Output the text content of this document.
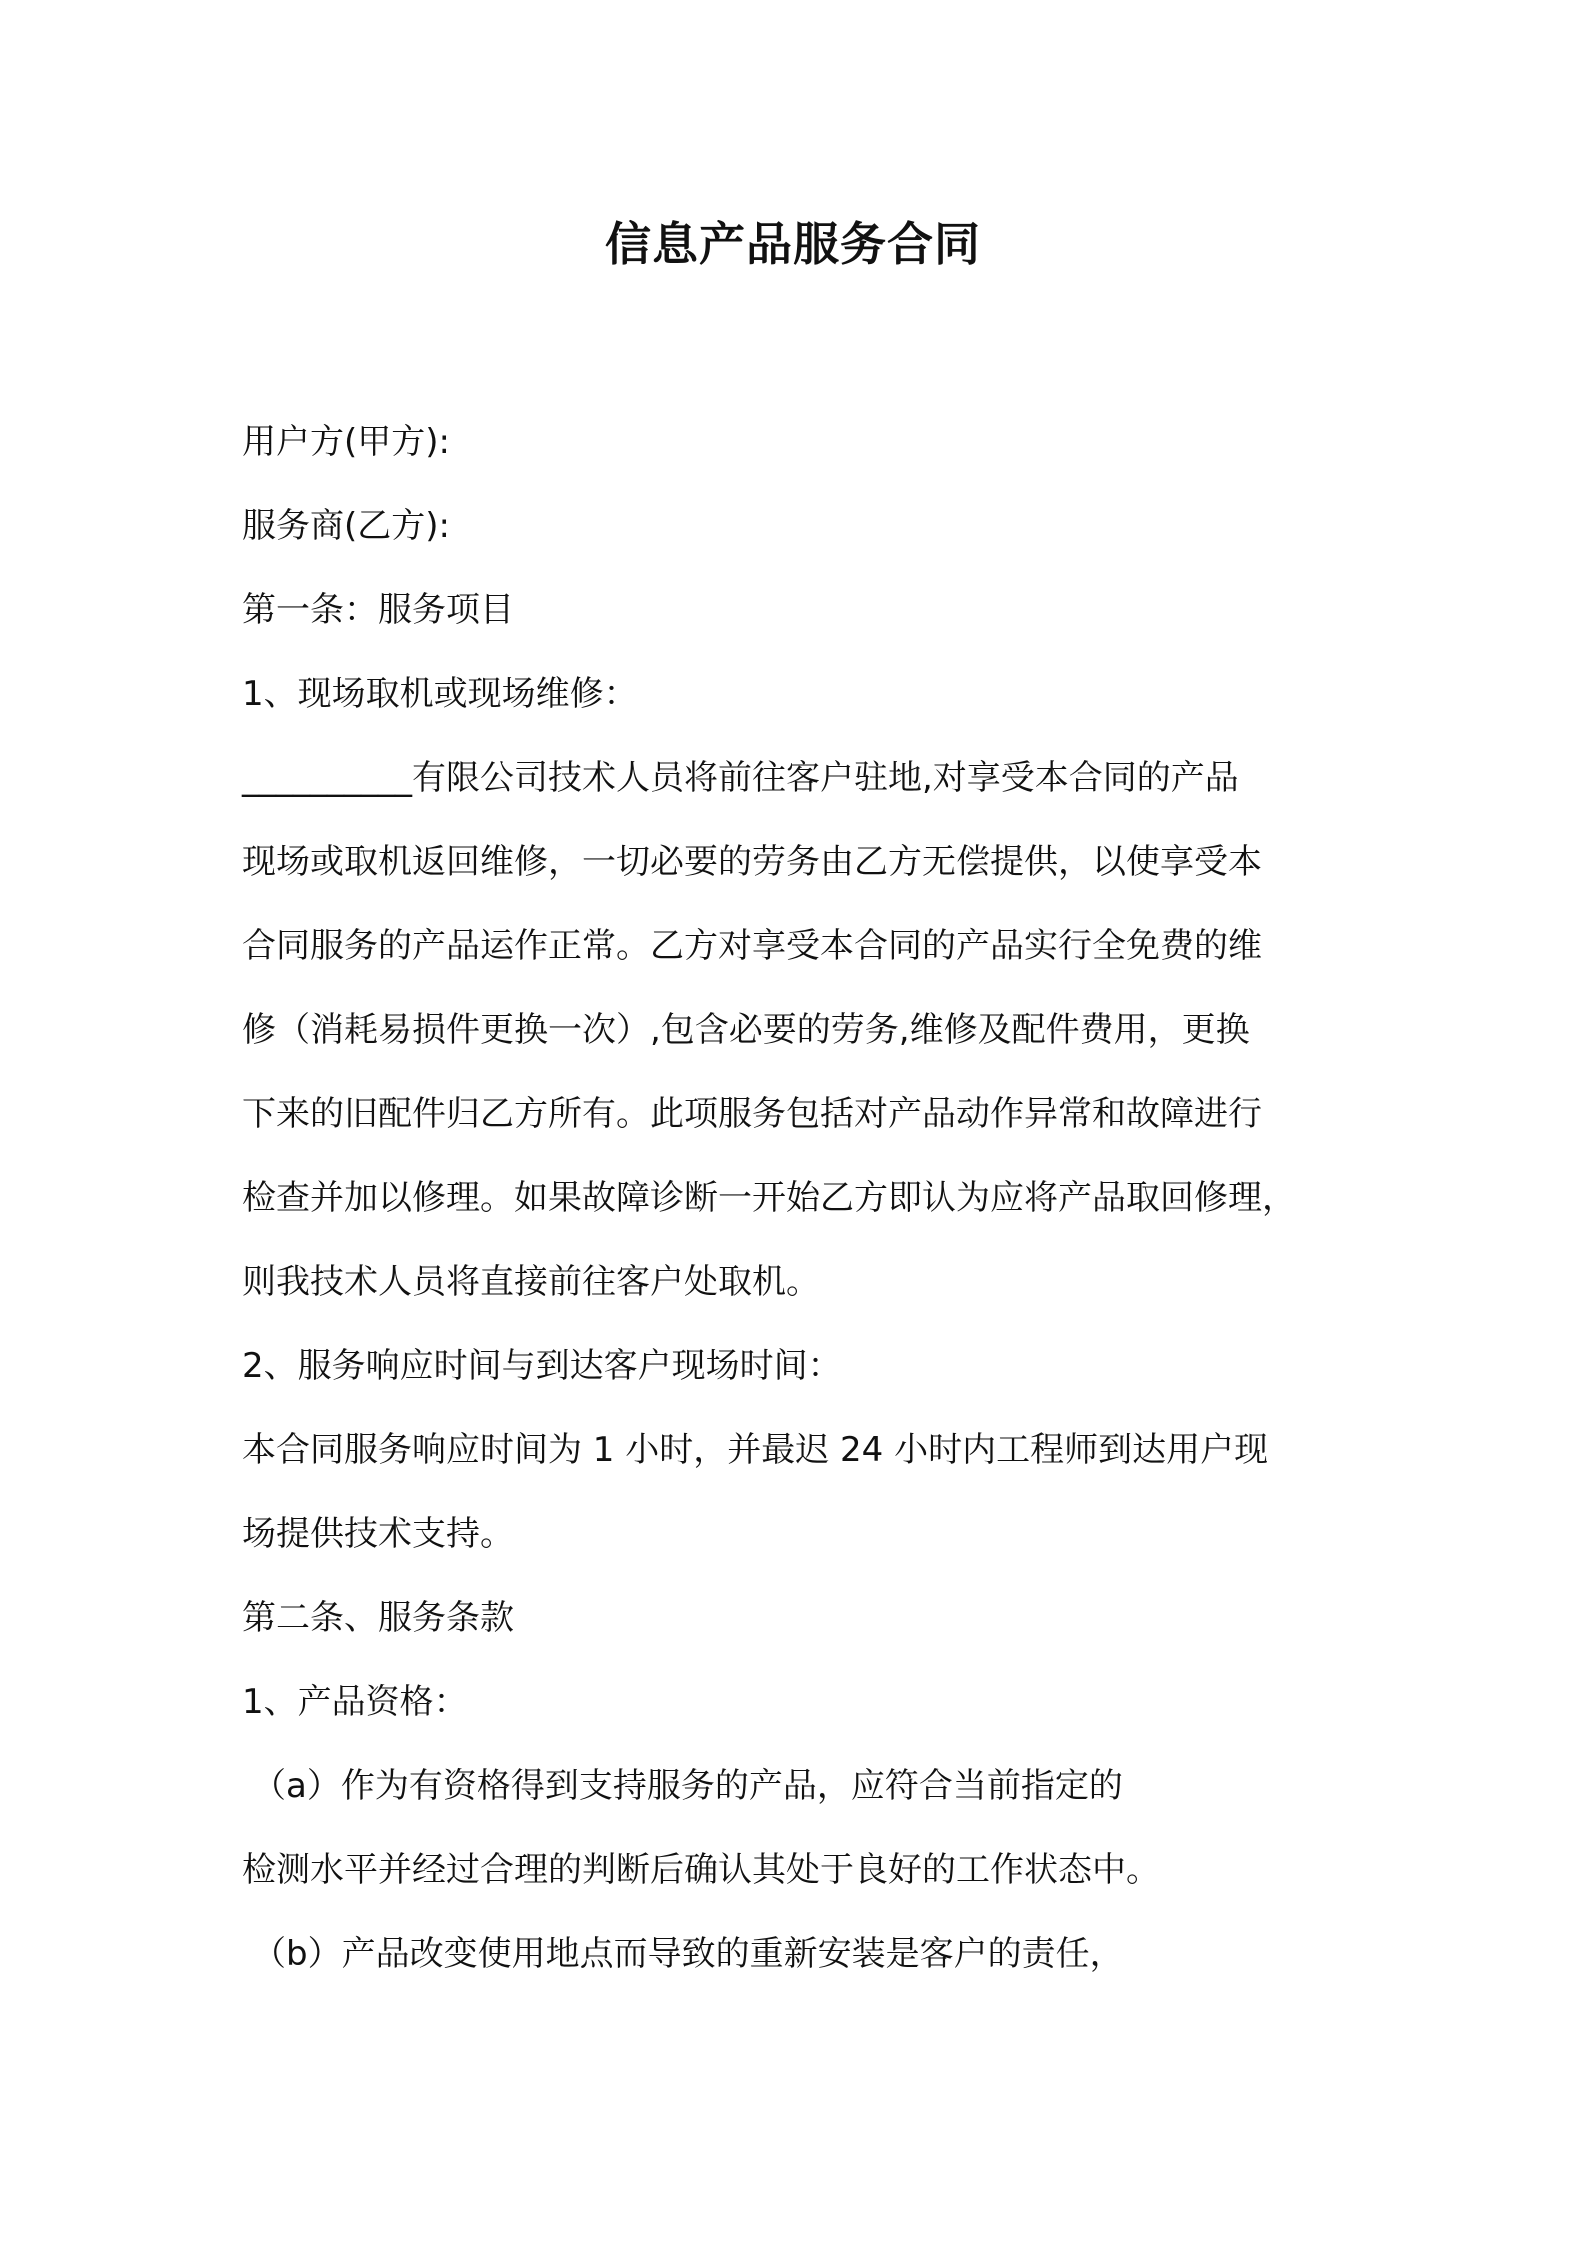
信息产品服务合同
用户方(甲方):
服务商(乙方):
第一条：服务项目
1、现场取机或现场维修：
__________有限公司技术人员将前往客户驻地,对享受本合同的产品
现场或取机返回维修，一切必要的劳务由乙方无偿提供，以使享受本
合同服务的产品运作正常。乙方对享受本合同的产品实行全免费的维
修（消耗易损件更换一次）,包含必要的劳务,维修及配件费用，更换
下来的旧配件归乙方所有。此项服务包括对产品动作异常和故障进行
检查并加以修理。如果故障诊断一开始乙方即认为应将产品取回修理，
则我技术人员将直接前往客户处取机。
2、服务响应时间与到达客户现场时间：
本合同服务响应时间为 1 小时，并最迟 24 小时内工程师到达用户现
场提供技术支持。
第二条、服务条款
1、产品资格：
（a）作为有资格得到支持服务的产品，应符合当前指定的
检测水平并经过合理的判断后确认其处于良好的工作状态中。
（b）产品改变使用地点而导致的重新安装是客户的责任，
